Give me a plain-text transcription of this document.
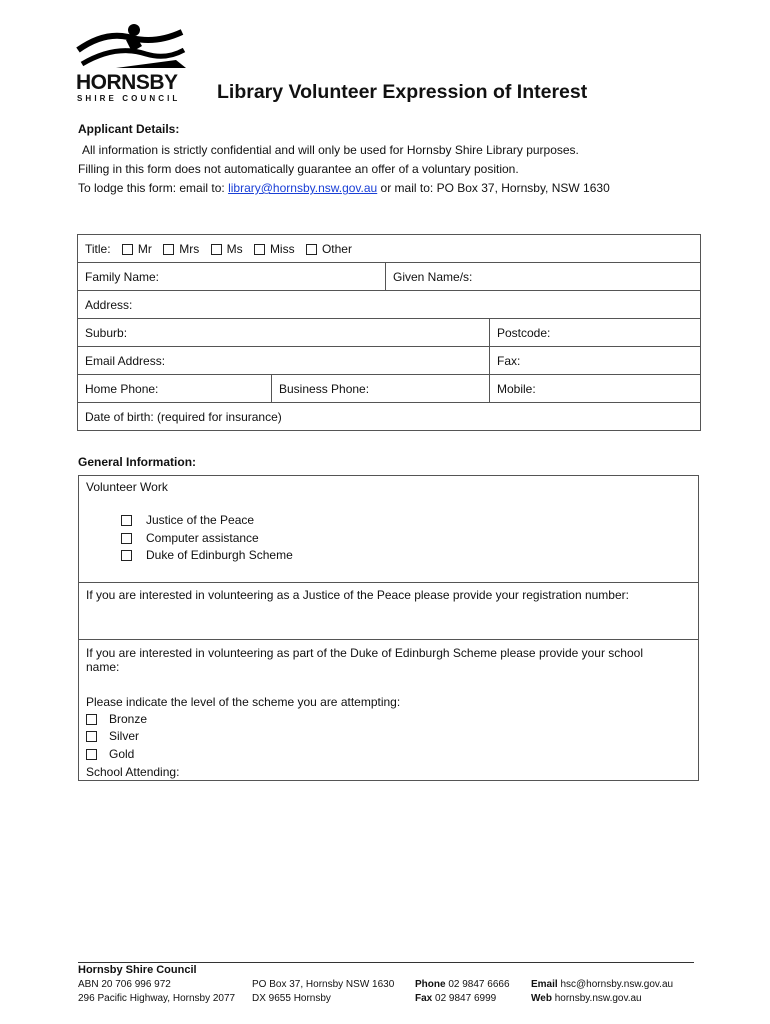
HORNSBY
SHIRE COUNCIL	Library Volunteer Expression of Interest
Applicant Details:
All information is strictly confidential and will only be used for Hornsby Shire Library purposes.
Filling in this form does not automatically guarantee an offer of a voluntary position.
To lodge this form: email to: library@hornsby.nsw.gov.au or mail to: PO Box 37, Hornsby, NSW 1630
Title: Mr Mrs Ms Miss Other			
Family Name:		Given Name/s:	
Address:			
Suburb:			Postcode:
Email Address:			Fax:
Home Phone:	Business Phone:		Mobile:
Date of birth: (required for insurance)			
General Information:
Volunteer Work
Justice of the Peace
Computer assistance
Duke of Edinburgh Scheme
If you are interested in volunteering as a Justice of the Peace please provide your registration number:
If you are interested in volunteering as part of the Duke of Edinburgh Scheme please provide your school
name:
Please indicate the level of the scheme you are attempting:
Bronze
Silver
Gold
School Attending:
Hornsby Shire Council
ABN 20 706 996 972
296 Pacific Highway, Hornsby 2077
PO Box 37, Hornsby NSW 1630
DX 9655 Hornsby
Phone 02 9847 6666
Fax 02 9847 6999
Email hsc@hornsby.nsw.gov.au
Web hornsby.nsw.gov.au
